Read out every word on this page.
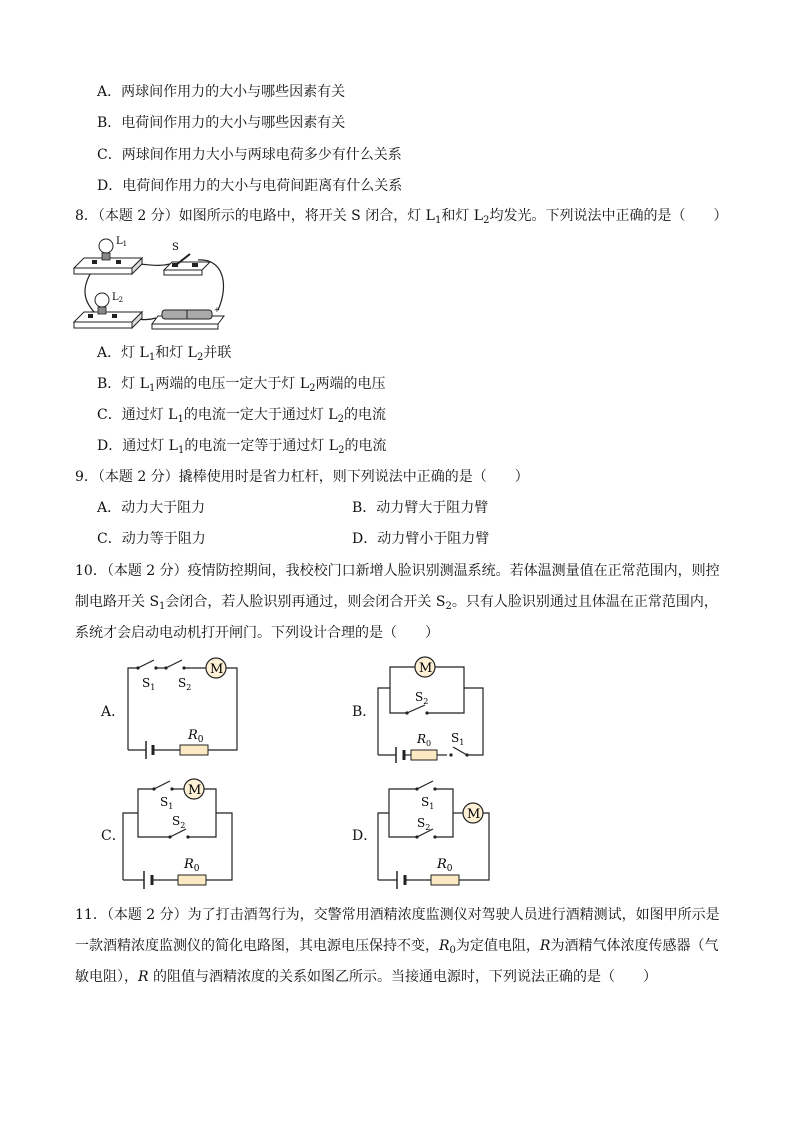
A．两球间作用力的大小与哪些因素有关
B．电荷间作用力的大小与哪些因素有关
C．两球间作用力大小与两球电荷多少有什么关系
D．电荷间作用力的大小与电荷间距离有什么关系
8．（本题 2 分）如图所示的电路中，将开关 S 闭合，灯 $L_1$和灯 $L_2$均发光。下列说法中正确的是（　　）
$L_1$	S
$L_2$
+
A．灯 $L_1$和灯 $L_2$并联
B．灯 $L_1$两端的电压一定大于灯 $L_2$两端的电压
C．通过灯 $L_1$的电流一定大于通过灯 $L_2$的电流
D．通过灯 $L_1$的电流一定等于通过灯 $L_2$的电流
9．（本题 2 分）撬棒使用时是省力杠杆，则下列说法中正确的是（　　）
A．动力大于阻力	B．动力臂大于阻力臂
C．动力等于阻力	D．动力臂小于阻力臂
10．（本题 2 分）疫情防控期间，我校校门口新增人脸识别测温系统。若体温测量值在正常范围内，则控
制电路开关 $S_1$会闭合，若人脸识别再通过，则会闭合开关 $S_2$。只有人脸识别通过且体温在正常范围内，
系统才会启动电动机打开闸门。下列设计合理的是（　　）
A．	B．
C．	D．
M
$R_0$
$S_1$ $S_2$
M
$R_0$ $S_1$
$S_2$
M
$R_0$
$S_1$
$S_2$
M
$R_0$
$S_1$
$S_2$
11．（本题 2 分）为了打击酒驾行为，交警常用酒精浓度监测仪对驾驶人员进行酒精测试，如图甲所示是
一款酒精浓度监测仪的简化电路图，其电源电压保持不变，$R_0$为定值电阻，R为酒精气体浓度传感器（气
敏电阻），R 的阻值与酒精浓度的关系如图乙所示。当接通电源时，下列说法正确的是（　　）
